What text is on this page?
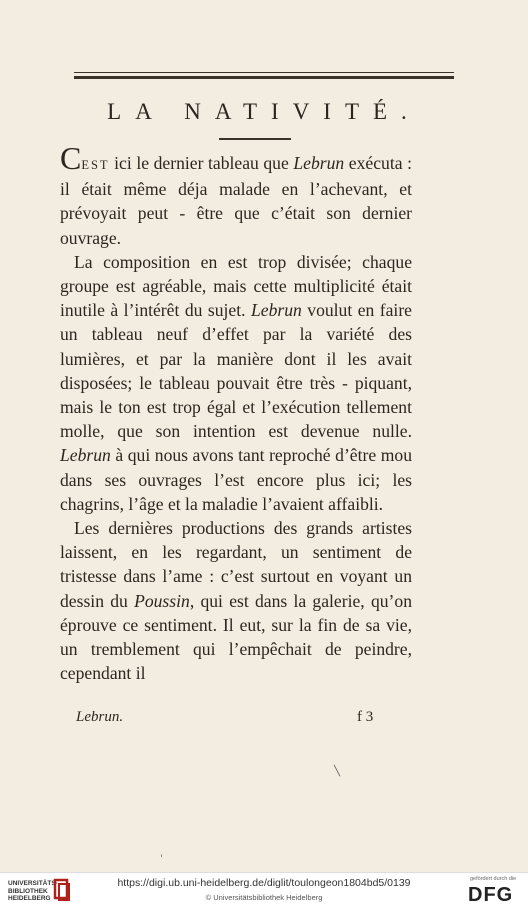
LA NATIVITÉ.

CEST ici le dernier tableau que Lebrun exécuta : il était même déja malade en l’achevant, et prévoyait peut - être que c’était son dernier ouvrage.

La composition en est trop divisée; chaque groupe est agréable, mais cette multiplicité était inutile à l’intérêt du sujet. Lebrun voulut en faire un tableau neuf d’effet par la variété des lumières, et par la manière dont il les avait disposées; le tableau pouvait être très - piquant, mais le ton est trop égal et l’exécution tellement molle, que son intention est devenue nulle. Lebrun à qui nous avons tant reproché d’être mou dans ses ouvrages l’est encore plus ici; les chagrins, l’âge et la maladie l’avaient affaibli.

Les dernières productions des grands artistes laissent, en les regardant, un sentiment de tristesse dans l’ame : c’est surtout en voyant un dessin du Poussin, qui est dans la galerie, qu’on éprouve ce sentiment. Il eut, sur la fin de sa vie, un tremblement qui l’empêchait de peindre, cependant il

Lebrun.	f 3
╲
ˈ
UNIVERSITÄTS-
BIBLIOTHEK
HEIDELBERG
https://digi.ub.uni-heidelberg.de/diglit/toulongeon1804bd5/0139
© Universitätsbibliothek Heidelberg
gefördert durch die
DFG
